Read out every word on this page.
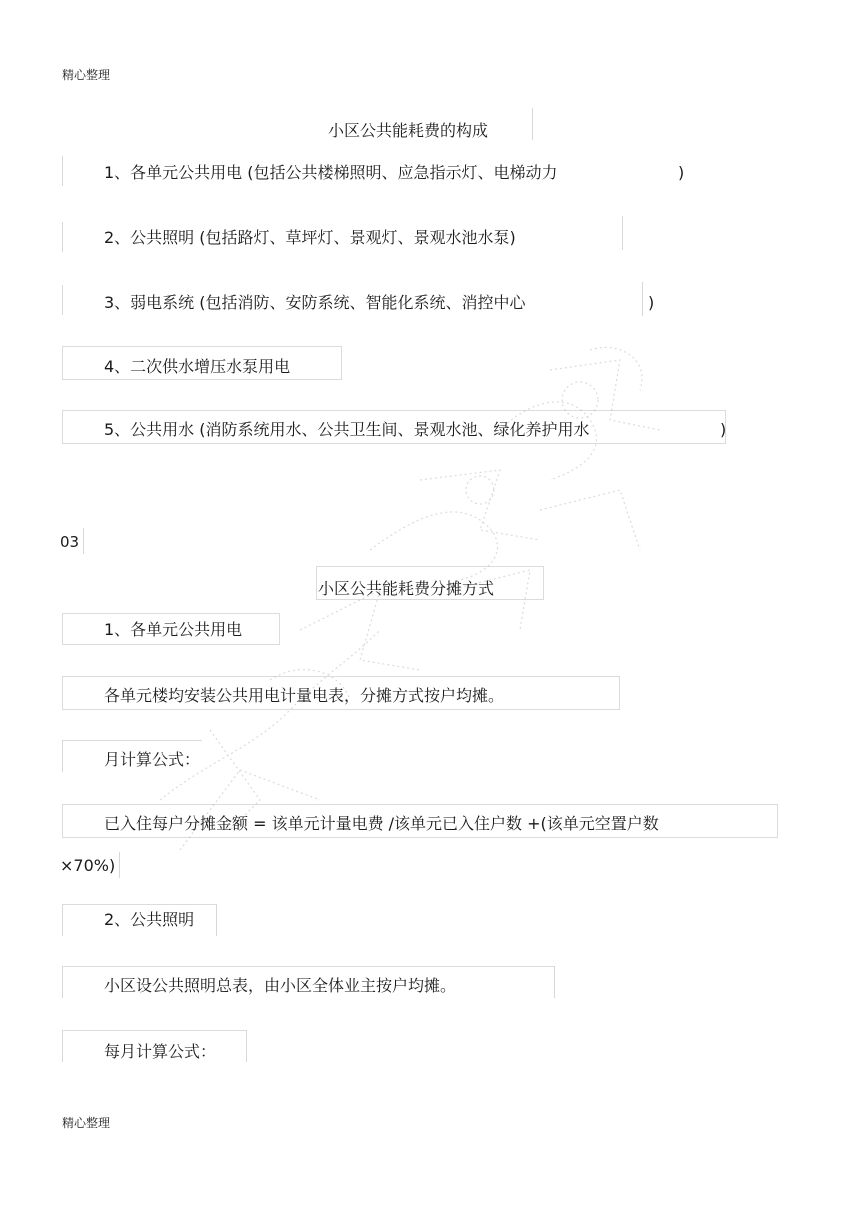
精心整理
小区公共能耗费的构成
1、各单元公共用电 (包括公共楼梯照明、应急指示灯、电梯动力	)
2、公共照明 (包括路灯、草坪灯、景观灯、景观水池水泵)
3、弱电系统 (包括消防、安防系统、智能化系统、消控中心	)
4、二次供水增压水泵用电
5、公共用水 (消防系统用水、公共卫生间、景观水池、绿化养护用水	)
03
小区公共能耗费分摊方式
1、各单元公共用电
各单元楼均安装公共用电计量电表，分摊方式按户均摊。
月计算公式：
已入住每户分摊金额 = 该单元计量电费 /该单元已入住户数 +(该单元空置户数
×70%)
2、公共照明
小区设公共照明总表，由小区全体业主按户均摊。
每月计算公式：
精心整理
